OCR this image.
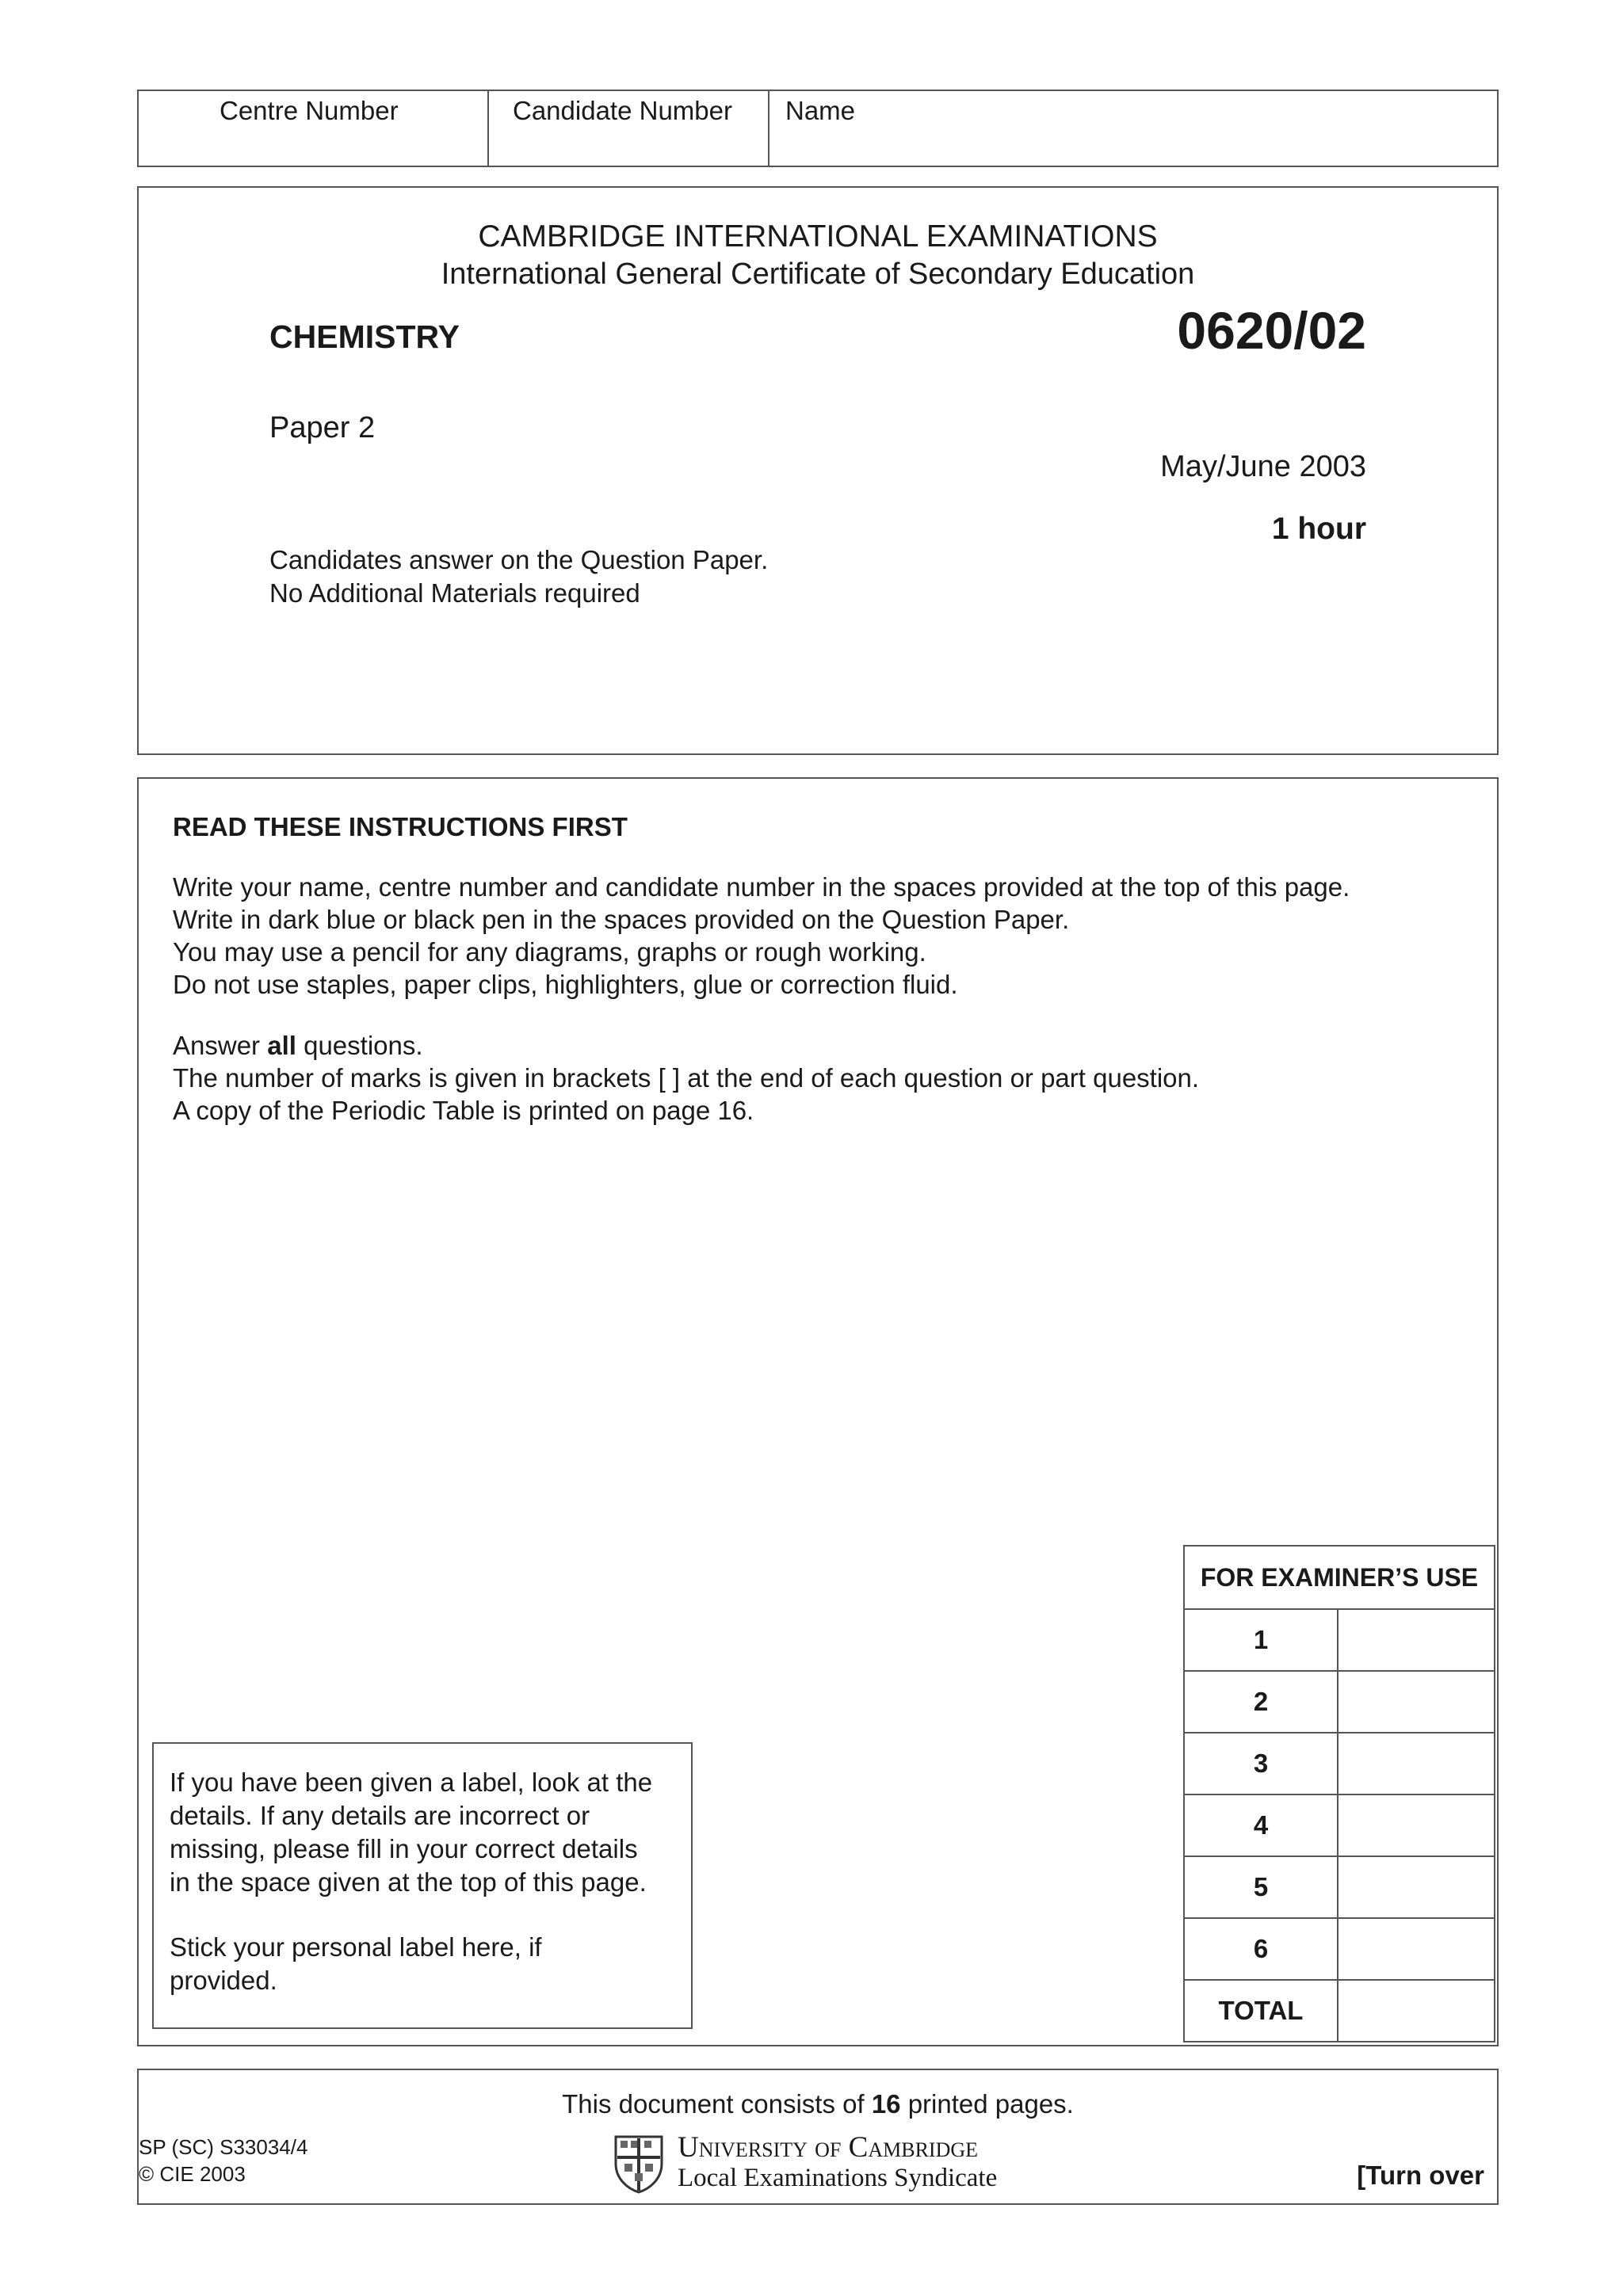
Centre Number	Candidate Number Name
CAMBRIDGE INTERNATIONAL EXAMINATIONS
International General Certificate of Secondary Education
CHEMISTRY	0620/02
Paper 2
May/June 2003
1 hour
Candidates answer on the Question Paper.
No Additional Materials required
READ THESE INSTRUCTIONS FIRST
Write your name, centre number and candidate number in the spaces provided at the top of this page.
Write in dark blue or black pen in the spaces provided on the Question Paper.
You may use a pencil for any diagrams, graphs or rough working.
Do not use staples, paper clips, highlighters, glue or correction fluid.
Answer all questions.
The number of marks is given in brackets [ ] at the end of each question or part question.
A copy of the Periodic Table is printed on page 16.
If you have been given a label, look at the
details. If any details are incorrect or
missing, please fill in your correct details
in the space given at the top of this page.
Stick your personal label here, if
provided.
FOR EXAMINER’S USE	
1	
2	
3	
4	
5	
6	
TOTAL	
This document consists of 16 printed pages.
SP (SC) S33034/4
© CIE 2003
University of Cambridge
Local Examinations Syndicate	[Turn over
